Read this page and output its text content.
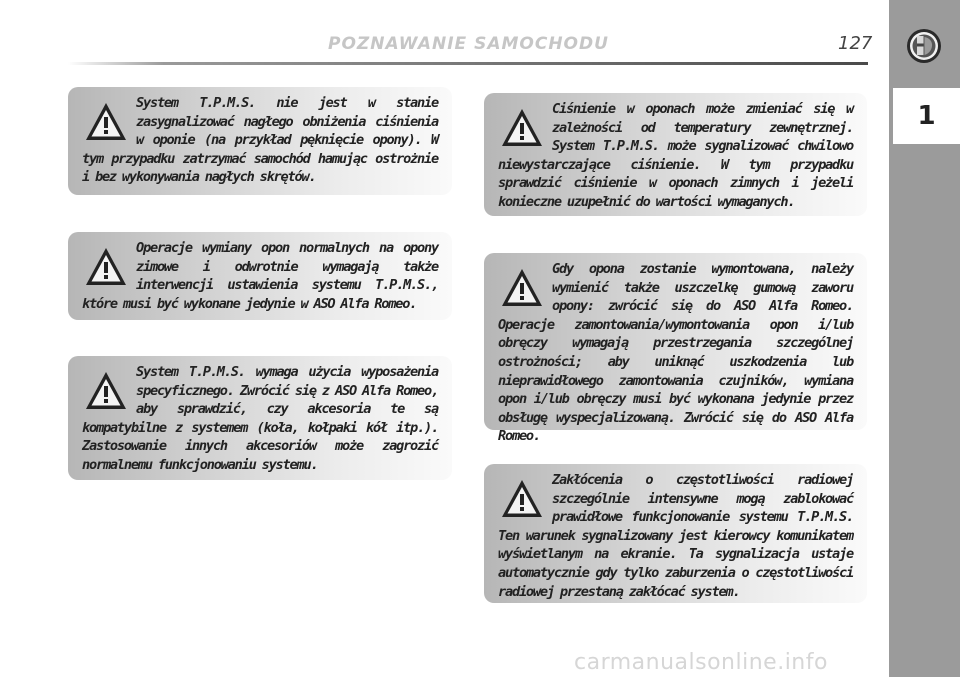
POZNAWANIE SAMOCHODU	127
1

System T.P.M.S. nie jest w stanie zasygnalizować nagłego obniżenia ciśnienia w oponie (na przykład pęknięcie opony). W tym przypadku zatrzymać samochód hamując ostrożnie i bez wykonywania nagłych skrętów.

Operacje wymiany opon normalnych na opony zimowe i odwrotnie wymagają także interwencji ustawienia systemu T.P.M.S., które musi być wykonane jedynie w ASO Alfa Romeo.

System T.P.M.S. wymaga użycia wyposażenia specyficznego. Zwrócić się z ASO Alfa Romeo, aby sprawdzić, czy akcesoria te są kompatybilne z systemem (koła, kołpaki kół itp.). Zastosowanie innych akcesoriów może zagrozić normalnemu funkcjonowaniu systemu.

Ciśnienie w oponach może zmieniać się w zależności od temperatury zewnętrznej. System T.P.M.S. może sygnalizować chwilowo niewystarczające ciśnienie. W tym przypadku sprawdzić ciśnienie w oponach zimnych i jeżeli konieczne uzupełnić do wartości wymaganych.

Gdy opona zostanie wymontowana, należy wymienić także uszczelkę gumową zaworu opony: zwrócić się do ASO Alfa Romeo. Operacje zamontowania/wymontowania opon i/lub obręczy wymagają przestrzegania szczególnej ostrożności; aby uniknąć uszkodzenia lub nieprawidłowego zamontowania czujników, wymiana opon i/lub obręczy musi być wykonana jedynie przez obsługę wyspecjalizowaną. Zwrócić się do ASO Alfa Romeo.

Zakłócenia o częstotliwości radiowej szczególnie intensywne mogą zablokować prawidłowe funkcjonowanie systemu T.P.M.S. Ten warunek sygnalizowany jest kierowcy komunikatem wyświetlanym na ekranie. Ta sygnalizacja ustaje automatycznie gdy tylko zaburzenia o częstotliwości radiowej przestaną zakłócać system.

carmanualsonline.info
